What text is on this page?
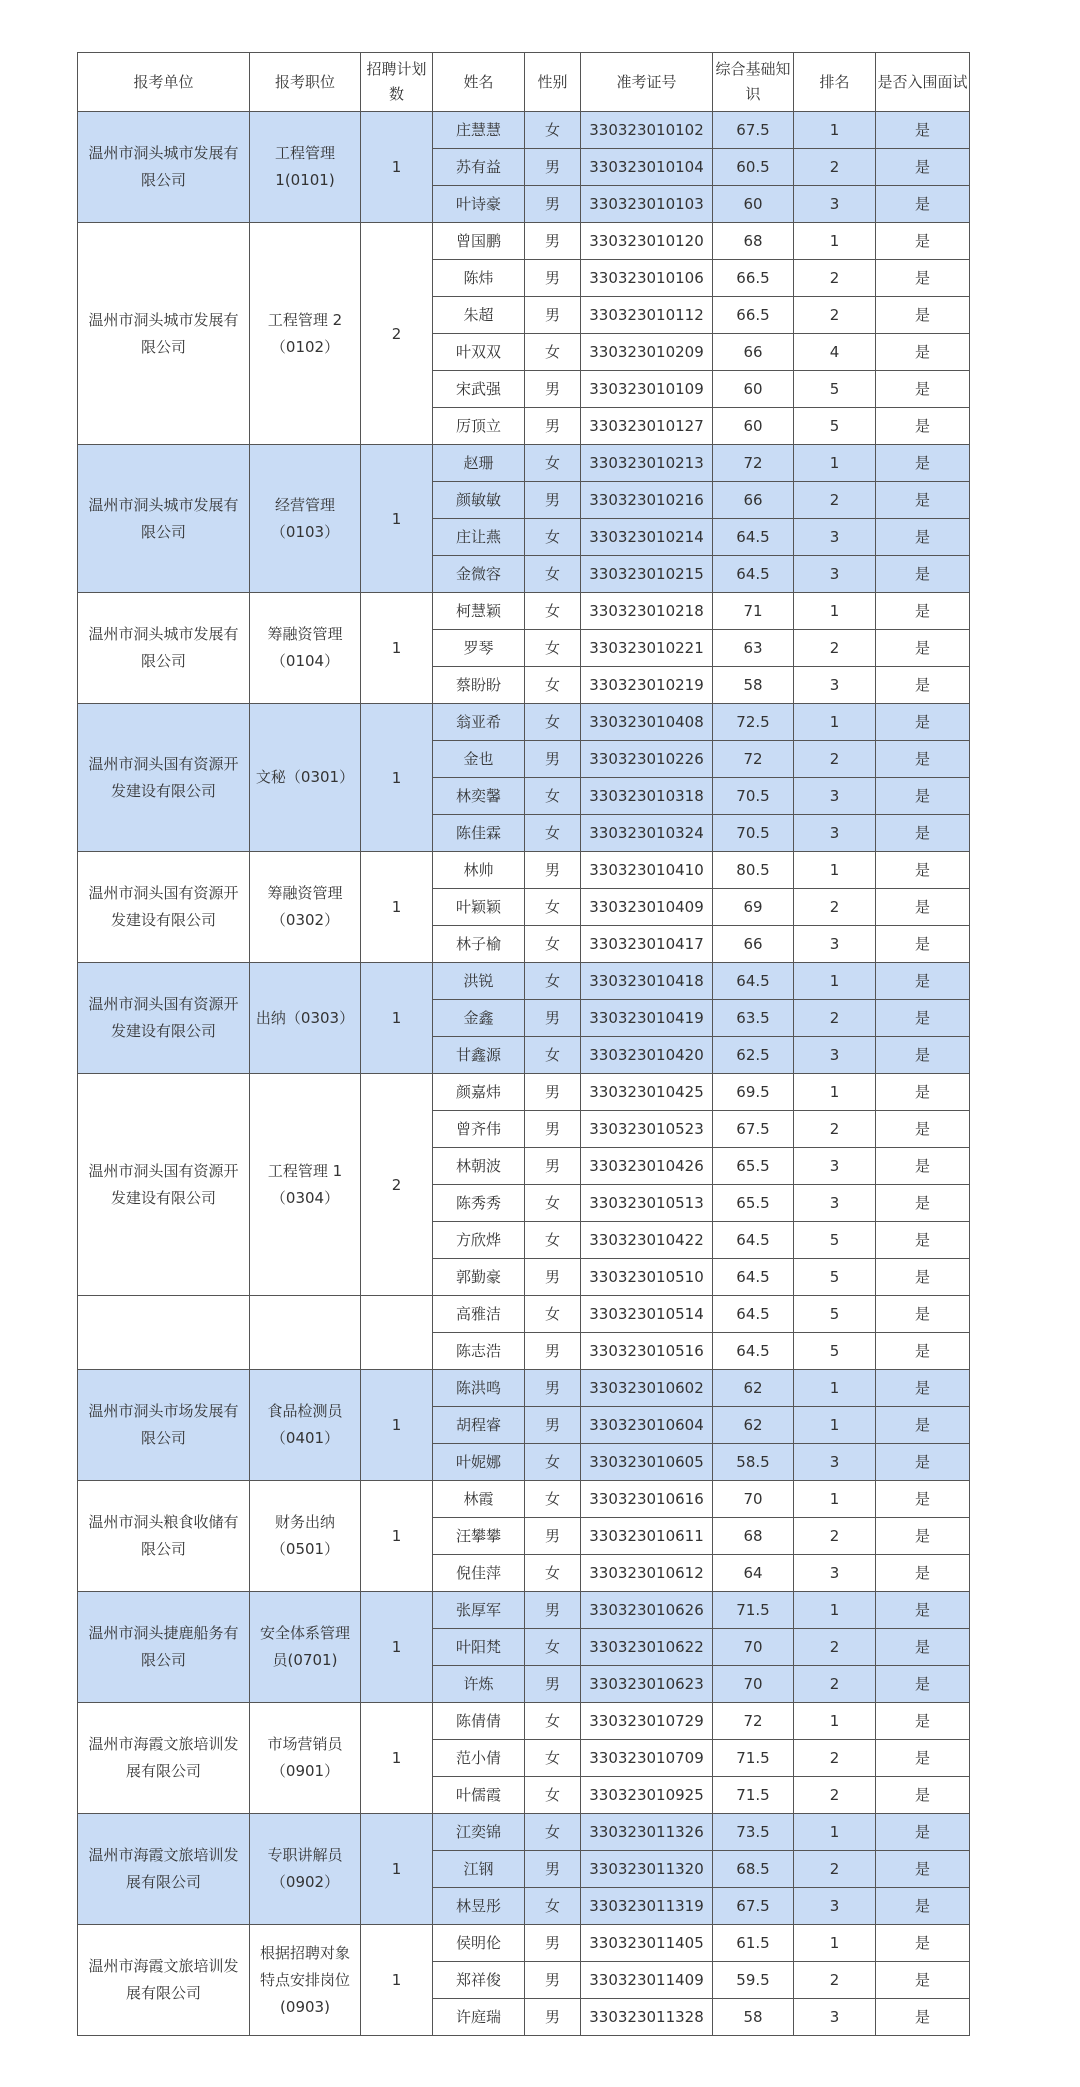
报考单位	报考职位	招聘计划数	姓名	性别	准考证号	综合基础知识	排名	是否入围面试
温州市洞头城市发展有限公司	工程管理1(0101)	1	庄慧慧	女	330323010102	67.5	1	是
			苏有益	男	330323010104	60.5	2	是
			叶诗豪	男	330323010103	60	3	是
温州市洞头城市发展有限公司	工程管理 2（0102）	2	曾国鹏	男	330323010120	68	1	是
			陈炜	男	330323010106	66.5	2	是
			朱超	男	330323010112	66.5	2	是
			叶双双	女	330323010209	66	4	是
			宋武强	男	330323010109	60	5	是
			厉顶立	男	330323010127	60	5	是
温州市洞头城市发展有限公司	经营管理（0103）	1	赵珊	女	330323010213	72	1	是
			颜敏敏	男	330323010216	66	2	是
			庄让燕	女	330323010214	64.5	3	是
			金微容	女	330323010215	64.5	3	是
温州市洞头城市发展有限公司	筹融资管理（0104）	1	柯慧颖	女	330323010218	71	1	是
			罗琴	女	330323010221	63	2	是
			蔡盼盼	女	330323010219	58	3	是
温州市洞头国有资源开发建设有限公司	文秘（0301）	1	翁亚希	女	330323010408	72.5	1	是
			金也	男	330323010226	72	2	是
			林奕馨	女	330323010318	70.5	3	是
			陈佳霖	女	330323010324	70.5	3	是
温州市洞头国有资源开发建设有限公司	筹融资管理（0302）	1	林帅	男	330323010410	80.5	1	是
			叶颖颖	女	330323010409	69	2	是
			林子榆	女	330323010417	66	3	是
温州市洞头国有资源开发建设有限公司	出纳（0303）	1	洪锐	女	330323010418	64.5	1	是
			金鑫	男	330323010419	63.5	2	是
			甘鑫源	女	330323010420	62.5	3	是
温州市洞头国有资源开发建设有限公司	工程管理 1（0304）	2	颜嘉炜	男	330323010425	69.5	1	是
			曾齐伟	男	330323010523	67.5	2	是
			林朝波	男	330323010426	65.5	3	是
			陈秀秀	女	330323010513	65.5	3	是
			方欣烨	女	330323010422	64.5	5	是
			郭勤豪	男	330323010510	64.5	5	是
			高雅洁	女	330323010514	64.5	5	是
			陈志浩	男	330323010516	64.5	5	是
温州市洞头市场发展有限公司	食品检测员（0401）	1	陈洪鸣	男	330323010602	62	1	是
			胡程睿	男	330323010604	62	1	是
			叶妮娜	女	330323010605	58.5	3	是
温州市洞头粮食收储有限公司	财务出纳（0501）	1	林霞	女	330323010616	70	1	是
			汪攀攀	男	330323010611	68	2	是
			倪佳萍	女	330323010612	64	3	是
温州市洞头捷鹿船务有限公司	安全体系管理员(0701)	1	张厚军	男	330323010626	71.5	1	是
			叶阳梵	女	330323010622	70	2	是
			许炼	男	330323010623	70	2	是
温州市海霞文旅培训发展有限公司	市场营销员（0901）	1	陈倩倩	女	330323010729	72	1	是
			范小倩	女	330323010709	71.5	2	是
			叶儒霞	女	330323010925	71.5	2	是
温州市海霞文旅培训发展有限公司	专职讲解员（0902）	1	江奕锦	女	330323011326	73.5	1	是
			江钢	男	330323011320	68.5	2	是
			林昱彤	女	330323011319	67.5	3	是
温州市海霞文旅培训发展有限公司	根据招聘对象特点安排岗位(0903)	1	侯明伦	男	330323011405	61.5	1	是
			郑祥俊	男	330323011409	59.5	2	是
			许庭瑞	男	330323011328	58	3	是
